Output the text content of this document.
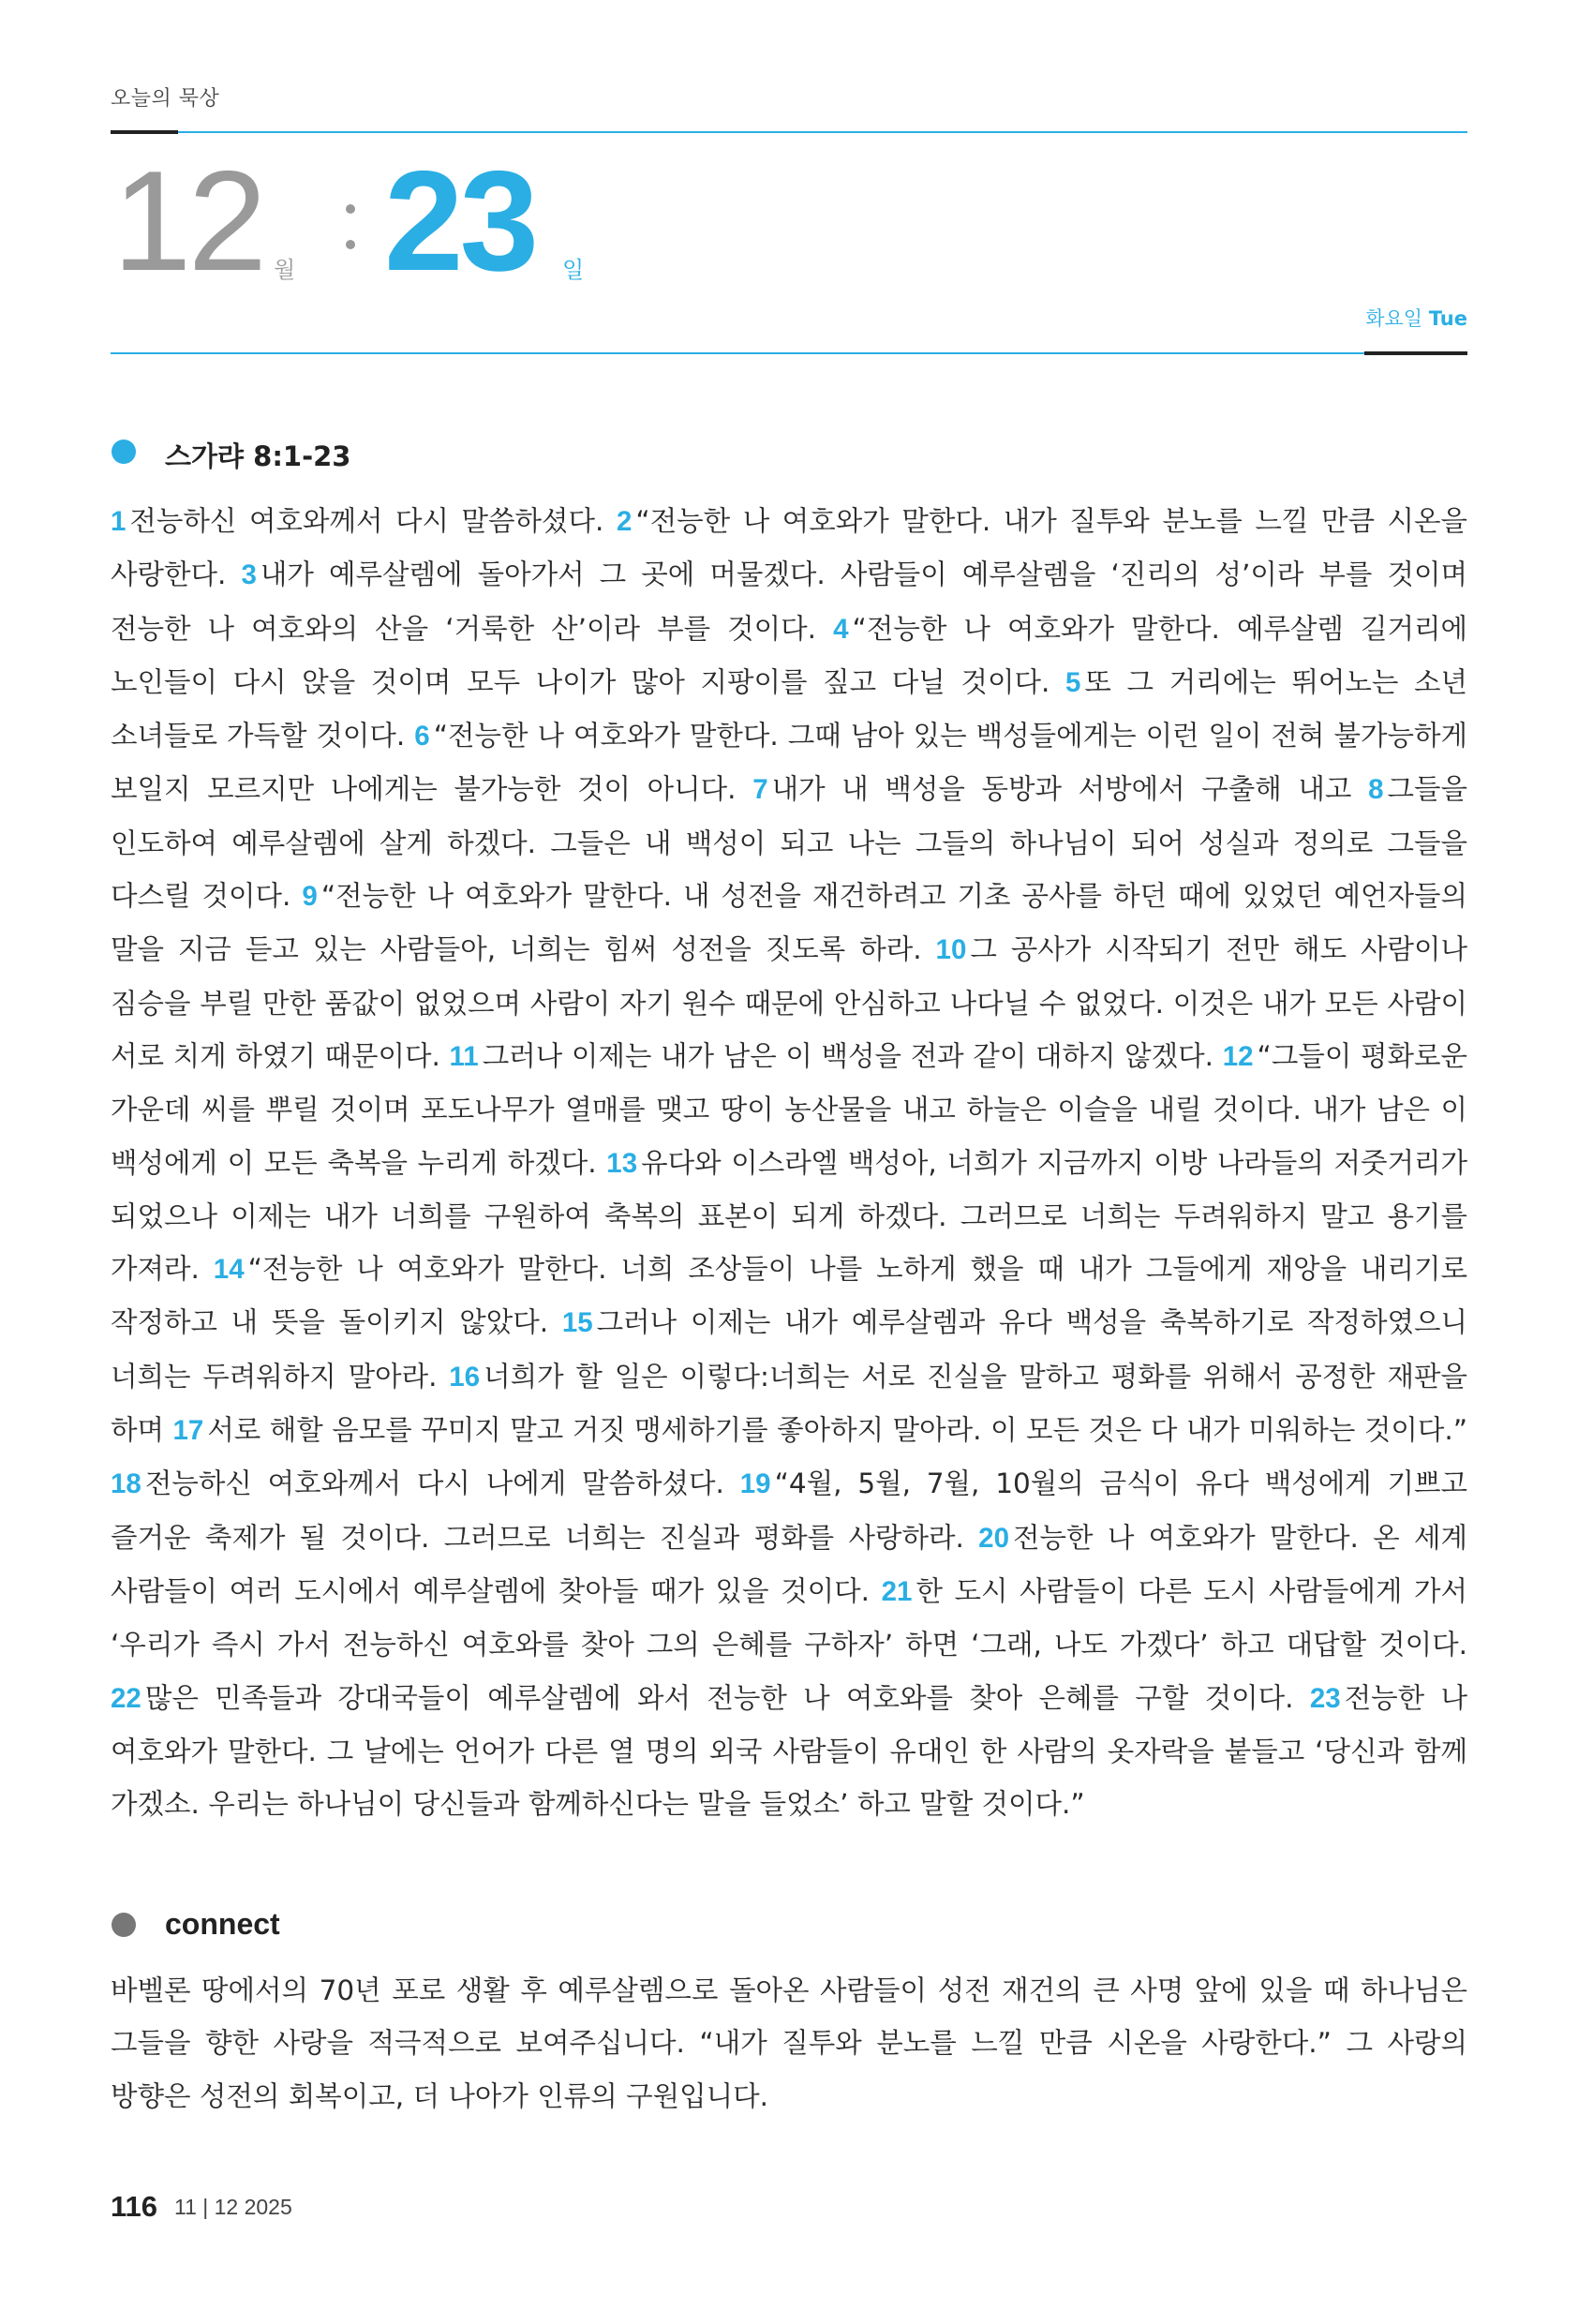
오늘의 묵상
12 월 23 일
화요일 Tue
스가랴 8:1-23
1 전능하신 여호와께서 다시 말씀하셨다. 2 “전능한 나 여호와가 말한다. 내가 질투와 분노를 느낄 만큼 시온을 사랑한다. 3 내가 예루살렘에 돌아가서 그 곳에 머물겠다. 사람들이 예루살렘을 ‘진리의 성’이라 부를 것이며 전능한 나 여호와의 산을 ‘거룩한 산’이라 부를 것이다. 4 “전능한 나 여호와가 말한다. 예루살렘 길거리에 노인들이 다시 앉을 것이며 모두 나이가 많아 지팡이를 짚고 다닐 것이다. 5 또 그 거리에는 뛰어노는 소년 소녀들로 가득할 것이다. 6 “전능한 나 여호와가 말한다. 그때 남아 있는 백성들에게는 이런 일이 전혀 불가능하게 보일지 모르지만 나에게는 불가능한 것이 아니다. 7 내가 내 백성을 동방과 서방에서 구출해 내고 8 그들을 인도하여 예루살렘에 살게 하겠다. 그들은 내 백성이 되고 나는 그들의 하나님이 되어 성실과 정의로 그들을 다스릴 것이다. 9 “전능한 나 여호와가 말한다. 내 성전을 재건하려고 기초 공사를 하던 때에 있었던 예언자들의 말을 지금 듣고 있는 사람들아, 너희는 힘써 성전을 짓도록 하라. 10 그 공사가 시작되기 전만 해도 사람이나 짐승을 부릴 만한 품값이 없었으며 사람이 자기 원수 때문에 안심하고 나다닐 수 없었다. 이것은 내가 모든 사람이 서로 치게 하였기 때문이다. 11 그러나 이제는 내가 남은 이 백성을 전과 같이 대하지 않겠다. 12 “그들이 평화로운 가운데 씨를 뿌릴 것이며 포도나무가 열매를 맺고 땅이 농산물을 내고 하늘은 이슬을 내릴 것이다. 내가 남은 이 백성에게 이 모든 축복을 누리게 하겠다. 13 유다와 이스라엘 백성아, 너희가 지금까지 이방 나라들의 저줏거리가 되었으나 이제는 내가 너희를 구원하여 축복의 표본이 되게 하겠다. 그러므로 너희는 두려워하지 말고 용기를 가져라. 14 “전능한 나 여호와가 말한다. 너희 조상들이 나를 노하게 했을 때 내가 그들에게 재앙을 내리기로 작정하고 내 뜻을 돌이키지 않았다. 15 그러나 이제는 내가 예루살렘과 유다 백성을 축복하기로 작정하였으니 너희는 두려워하지 말아라. 16 너희가 할 일은 이렇다:너희는 서로 진실을 말하고 평화를 위해서 공정한 재판을 하며 17 서로 해할 음모를 꾸미지 말고 거짓 맹세하기를 좋아하지 말아라. 이 모든 것은 다 내가 미워하는 것이다.” 18 전능하신 여호와께서 다시 나에게 말씀하셨다. 19 “4월, 5월, 7월, 10월의 금식이 유다 백성에게 기쁘고 즐거운 축제가 될 것이다. 그러므로 너희는 진실과 평화를 사랑하라. 20 전능한 나 여호와가 말한다. 온 세계 사람들이 여러 도시에서 예루살렘에 찾아들 때가 있을 것이다. 21 한 도시 사람들이 다른 도시 사람들에게 가서 ‘우리가 즉시 가서 전능하신 여호와를 찾아 그의 은혜를 구하자’ 하면 ‘그래, 나도 가겠다’ 하고 대답할 것이다. 22 많은 민족들과 강대국들이 예루살렘에 와서 전능한 나 여호와를 찾아 은혜를 구할 것이다. 23 전능한 나 여호와가 말한다. 그 날에는 언어가 다른 열 명의 외국 사람들이 유대인 한 사람의 옷자락을 붙들고 ‘당신과 함께 가겠소. 우리는 하나님이 당신들과 함께하신다는 말을 들었소’ 하고 말할 것이다.”
connect
바벨론 땅에서의 70년 포로 생활 후 예루살렘으로 돌아온 사람들이 성전 재건의 큰 사명 앞에 있을 때 하나님은 그들을 향한 사랑을 적극적으로 보여주십니다. “내가 질투와 분노를 느낄 만큼 시온을 사랑한다.” 그 사랑의 방향은 성전의 회복이고, 더 나아가 인류의 구원입니다.
116 11 | 12 2025
